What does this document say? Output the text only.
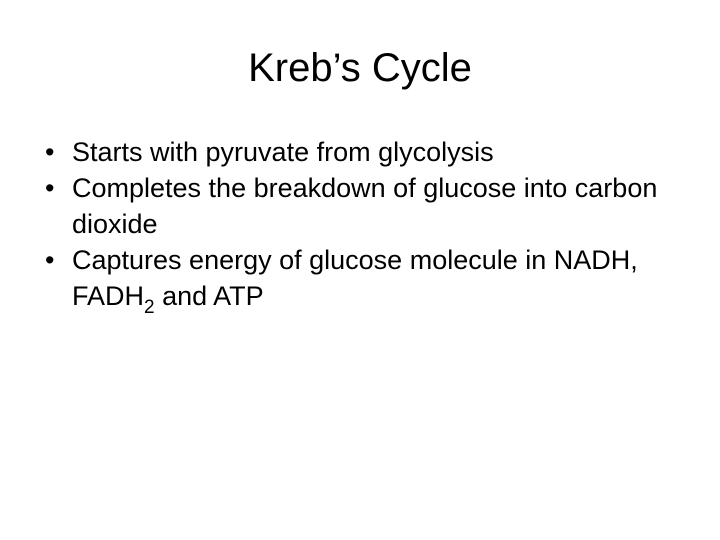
Kreb’s Cycle
• Starts with pyruvate from glycolysis
• Completes the breakdown of glucose into carbon dioxide
• Captures energy of glucose molecule in NADH, $FADH_2$ and ATP
